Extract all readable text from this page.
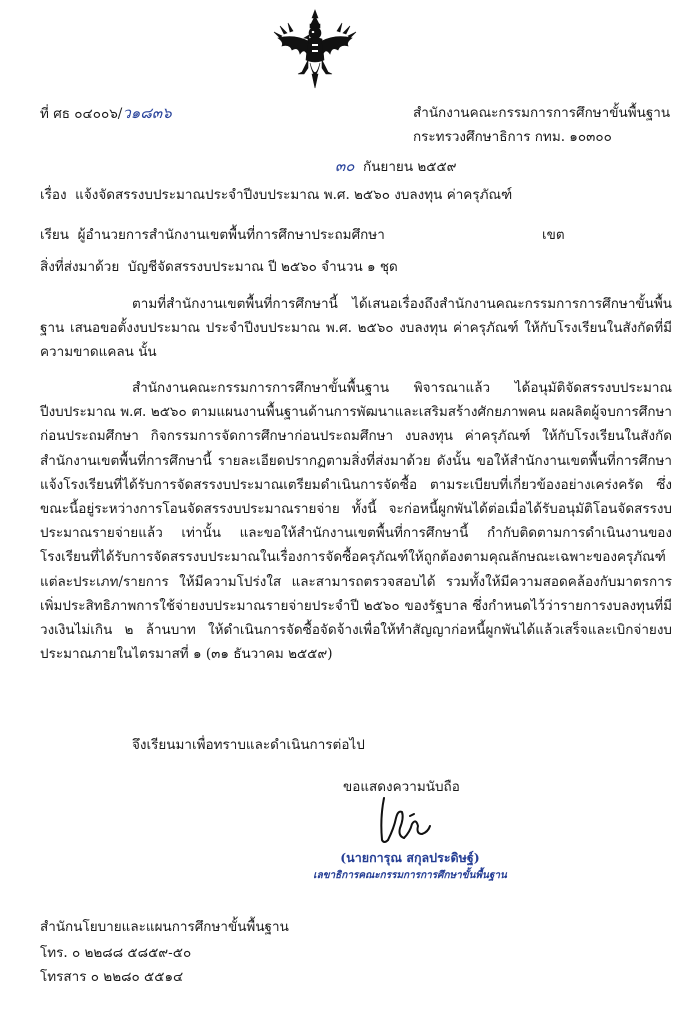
ที่ ศธ ๐๔๐๐๖/ว๑๘๓๖	สำนักงานคณะกรรมการการศึกษาขั้นพื้นฐาน
กระทรวงศึกษาธิการ กทม. ๑๐๓๐๐
๓๐ กันยายน ๒๕๕๙
เรื่อง แจ้งจัดสรรงบประมาณประจำปีงบประมาณ พ.ศ. ๒๕๖๐ งบลงทุน ค่าครุภัณฑ์
เรียน ผู้อำนวยการสำนักงานเขตพื้นที่การศึกษาประถมศึกษา	เขต
สิ่งที่ส่งมาด้วย บัญชีจัดสรรงบประมาณ ปี ๒๕๖๐ จำนวน ๑ ชุด
ตามที่สำนักงานเขตพื้นที่การศึกษานี้ ได้เสนอเรื่องถึงสำนักงานคณะกรรมการการศึกษาขั้นพื้นฐาน เสนอขอตั้งงบประมาณ ประจำปีงบประมาณ พ.ศ. ๒๕๖๐ งบลงทุน ค่าครุภัณฑ์ ให้กับโรงเรียนในสังกัดที่มีความขาดแคลน นั้น
สำนักงานคณะกรรมการการศึกษาขั้นพื้นฐาน พิจารณาแล้ว ได้อนุมัติจัดสรรงบประมาณปีงบประมาณ พ.ศ. ๒๕๖๐ ตามแผนงานพื้นฐานด้านการพัฒนาและเสริมสร้างศักยภาพคน ผลผลิตผู้จบการศึกษาก่อนประถมศึกษา กิจกรรมการจัดการศึกษาก่อนประถมศึกษา งบลงทุน ค่าครุภัณฑ์ ให้กับโรงเรียนในสังกัดสำนักงานเขตพื้นที่การศึกษานี้ รายละเอียดปรากฏตามสิ่งที่ส่งมาด้วย ดังนั้น ขอให้สำนักงานเขตพื้นที่การศึกษา แจ้งโรงเรียนที่ได้รับการจัดสรรงบประมาณเตรียมดำเนินการจัดซื้อ ตามระเบียบที่เกี่ยวข้องอย่างเคร่งครัด ซึ่งขณะนี้อยู่ระหว่างการโอนจัดสรรงบประมาณรายจ่าย ทั้งนี้ จะก่อหนี้ผูกพันได้ต่อเมื่อได้รับอนุมัติโอนจัดสรรงบประมาณรายจ่ายแล้ว เท่านั้น และขอให้สำนักงานเขตพื้นที่การศึกษานี้ กำกับติดตามการดำเนินงานของโรงเรียนที่ได้รับการจัดสรรงบประมาณในเรื่องการจัดซื้อครุภัณฑ์ให้ถูกต้องตามคุณลักษณะเฉพาะของครุภัณฑ์แต่ละประเภท/รายการ ให้มีความโปร่งใส และสามารถตรวจสอบได้ รวมทั้งให้มีความสอดคล้องกับมาตรการเพิ่มประสิทธิภาพการใช้จ่ายงบประมาณรายจ่ายประจำปี ๒๕๖๐ ของรัฐบาล ซึ่งกำหนดไว้ว่ารายการงบลงทุนที่มีวงเงินไม่เกิน ๒ ล้านบาท ให้ดำเนินการจัดซื้อจัดจ้างเพื่อให้ทำสัญญาก่อหนี้ผูกพันได้แล้วเสร็จและเบิกจ่ายงบประมาณภายในไตรมาสที่ ๑ (๓๑ ธันวาคม ๒๕๕๙)
จึงเรียนมาเพื่อทราบและดำเนินการต่อไป
ขอแสดงความนับถือ
(นายการุณ สกุลประดิษฐ์)
เลขาธิการคณะกรรมการการศึกษาขั้นพื้นฐาน
สำนักนโยบายและแผนการศึกษาขั้นพื้นฐาน
โทร. ๐ ๒๒๘๘ ๕๘๕๙-๕๐
โทรสาร ๐ ๒๒๘๐ ๕๕๑๔
